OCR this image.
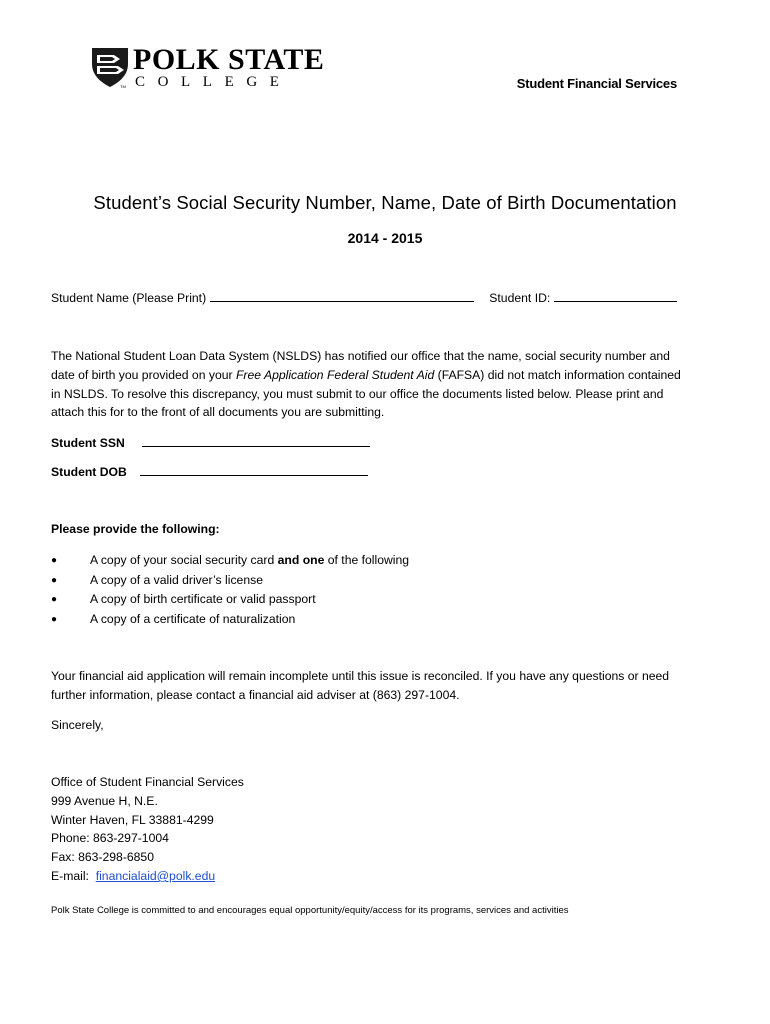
POLK STATE
COLLEGE
TM	Student Financial Services
Student’s Social Security Number, Name, Date of Birth Documentation
2014 - 2015
Student Name (Please Print)	Student ID:

The National Student Loan Data System (NSLDS) has notified our office that the name, social security number and date of birth you provided on your Free Application Federal Student Aid (FAFSA) did not match information contained in NSLDS. To resolve this discrepancy, you must submit to our office the documents listed below. Please print and attach this for to the front of all documents you are submitting.

Student SSN
Student DOB
Please provide the following:
●	A copy of your social security card and one of the following
●	A copy of a valid driver’s license
●	A copy of birth certificate or valid passport
●	A copy of a certificate of naturalization
Your financial aid application will remain incomplete until this issue is reconciled. If you have any questions or need further information, please contact a financial aid adviser at (863) 297-1004.
Sincerely,
Office of Student Financial Services
999 Avenue H, N.E.
Winter Haven, FL 33881-4299
Phone: 863-297-1004
Fax: 863-298-6850
E-mail:  financialaid@polk.edu
Polk State College is committed to and encourages equal opportunity/equity/access for its programs, services and activities
